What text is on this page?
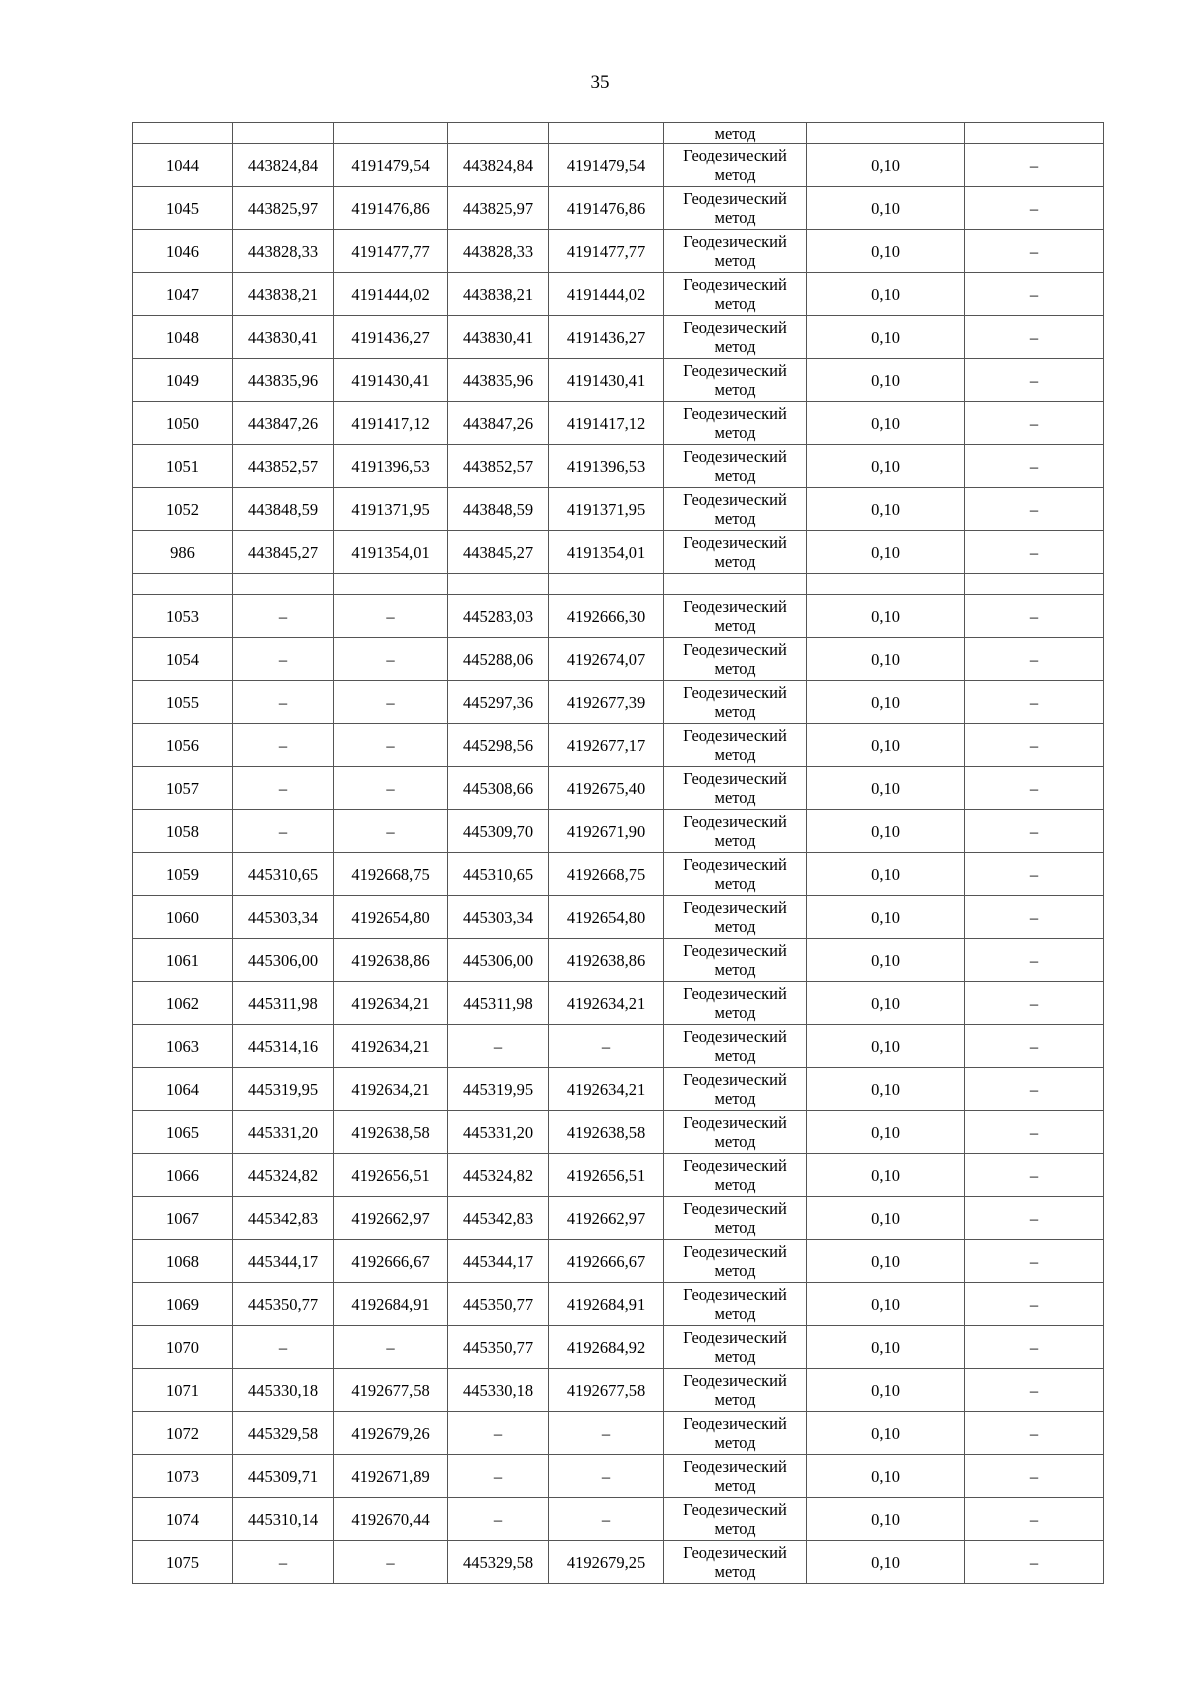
35
					метод		
1044	443824,84	4191479,54	443824,84	4191479,54	Геодезический
метод	0,10	–
1045	443825,97	4191476,86	443825,97	4191476,86	Геодезический
метод	0,10	–
1046	443828,33	4191477,77	443828,33	4191477,77	Геодезический
метод	0,10	–
1047	443838,21	4191444,02	443838,21	4191444,02	Геодезический
метод	0,10	–
1048	443830,41	4191436,27	443830,41	4191436,27	Геодезический
метод	0,10	–
1049	443835,96	4191430,41	443835,96	4191430,41	Геодезический
метод	0,10	–
1050	443847,26	4191417,12	443847,26	4191417,12	Геодезический
метод	0,10	–
1051	443852,57	4191396,53	443852,57	4191396,53	Геодезический
метод	0,10	–
1052	443848,59	4191371,95	443848,59	4191371,95	Геодезический
метод	0,10	–
986	443845,27	4191354,01	443845,27	4191354,01	Геодезический
метод	0,10	–

1053	–	–	445283,03	4192666,30	Геодезический
метод	0,10	–
1054	–	–	445288,06	4192674,07	Геодезический
метод	0,10	–
1055	–	–	445297,36	4192677,39	Геодезический
метод	0,10	–
1056	–	–	445298,56	4192677,17	Геодезический
метод	0,10	–
1057	–	–	445308,66	4192675,40	Геодезический
метод	0,10	–
1058	–	–	445309,70	4192671,90	Геодезический
метод	0,10	–
1059	445310,65	4192668,75	445310,65	4192668,75	Геодезический
метод	0,10	–
1060	445303,34	4192654,80	445303,34	4192654,80	Геодезический
метод	0,10	–
1061	445306,00	4192638,86	445306,00	4192638,86	Геодезический
метод	0,10	–
1062	445311,98	4192634,21	445311,98	4192634,21	Геодезический
метод	0,10	–
1063	445314,16	4192634,21	–	–	Геодезический
метод	0,10	–
1064	445319,95	4192634,21	445319,95	4192634,21	Геодезический
метод	0,10	–
1065	445331,20	4192638,58	445331,20	4192638,58	Геодезический
метод	0,10	–
1066	445324,82	4192656,51	445324,82	4192656,51	Геодезический
метод	0,10	–
1067	445342,83	4192662,97	445342,83	4192662,97	Геодезический
метод	0,10	–
1068	445344,17	4192666,67	445344,17	4192666,67	Геодезический
метод	0,10	–
1069	445350,77	4192684,91	445350,77	4192684,91	Геодезический
метод	0,10	–
1070	–	–	445350,77	4192684,92	Геодезический
метод	0,10	–
1071	445330,18	4192677,58	445330,18	4192677,58	Геодезический
метод	0,10	–
1072	445329,58	4192679,26	–	–	Геодезический
метод	0,10	–
1073	445309,71	4192671,89	–	–	Геодезический
метод	0,10	–
1074	445310,14	4192670,44	–	–	Геодезический
метод	0,10	–
1075	–	–	445329,58	4192679,25	Геодезический
метод	0,10	–
